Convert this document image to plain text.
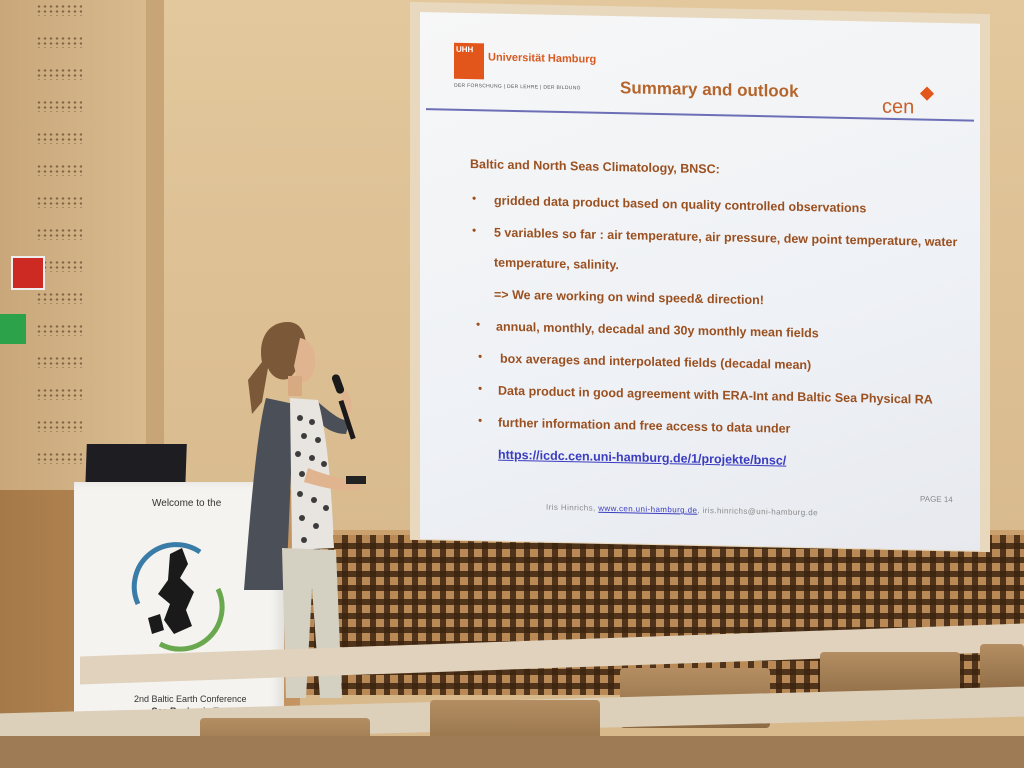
UHH
Universität Hamburg
DER FORSCHUNG | DER LEHRE | DER BILDUNG Summary and outlook
cen
Baltic and North Seas Climatology, BNSC:
• gridded data product based on quality controlled observations
• 5 variables so far : air temperature, air pressure, dew point temperature, water
temperature, salinity.
=> We are working on wind speed& direction!
• annual, monthly, decadal and 30y monthly mean fields
• box averages and interpolated fields (decadal mean)
• Data product in good agreement with ERA-Int and Baltic Sea Physical RA
• further information and free access to data under
https://icdc.cen.uni-hamburg.de/1/projekte/bnsc/
PAGE 14
Iris Hinrichs, www.cen.uni-hamburg.de, iris.hinrichs@uni-hamburg.de
Welcome to the
2nd Baltic Earth Conference
